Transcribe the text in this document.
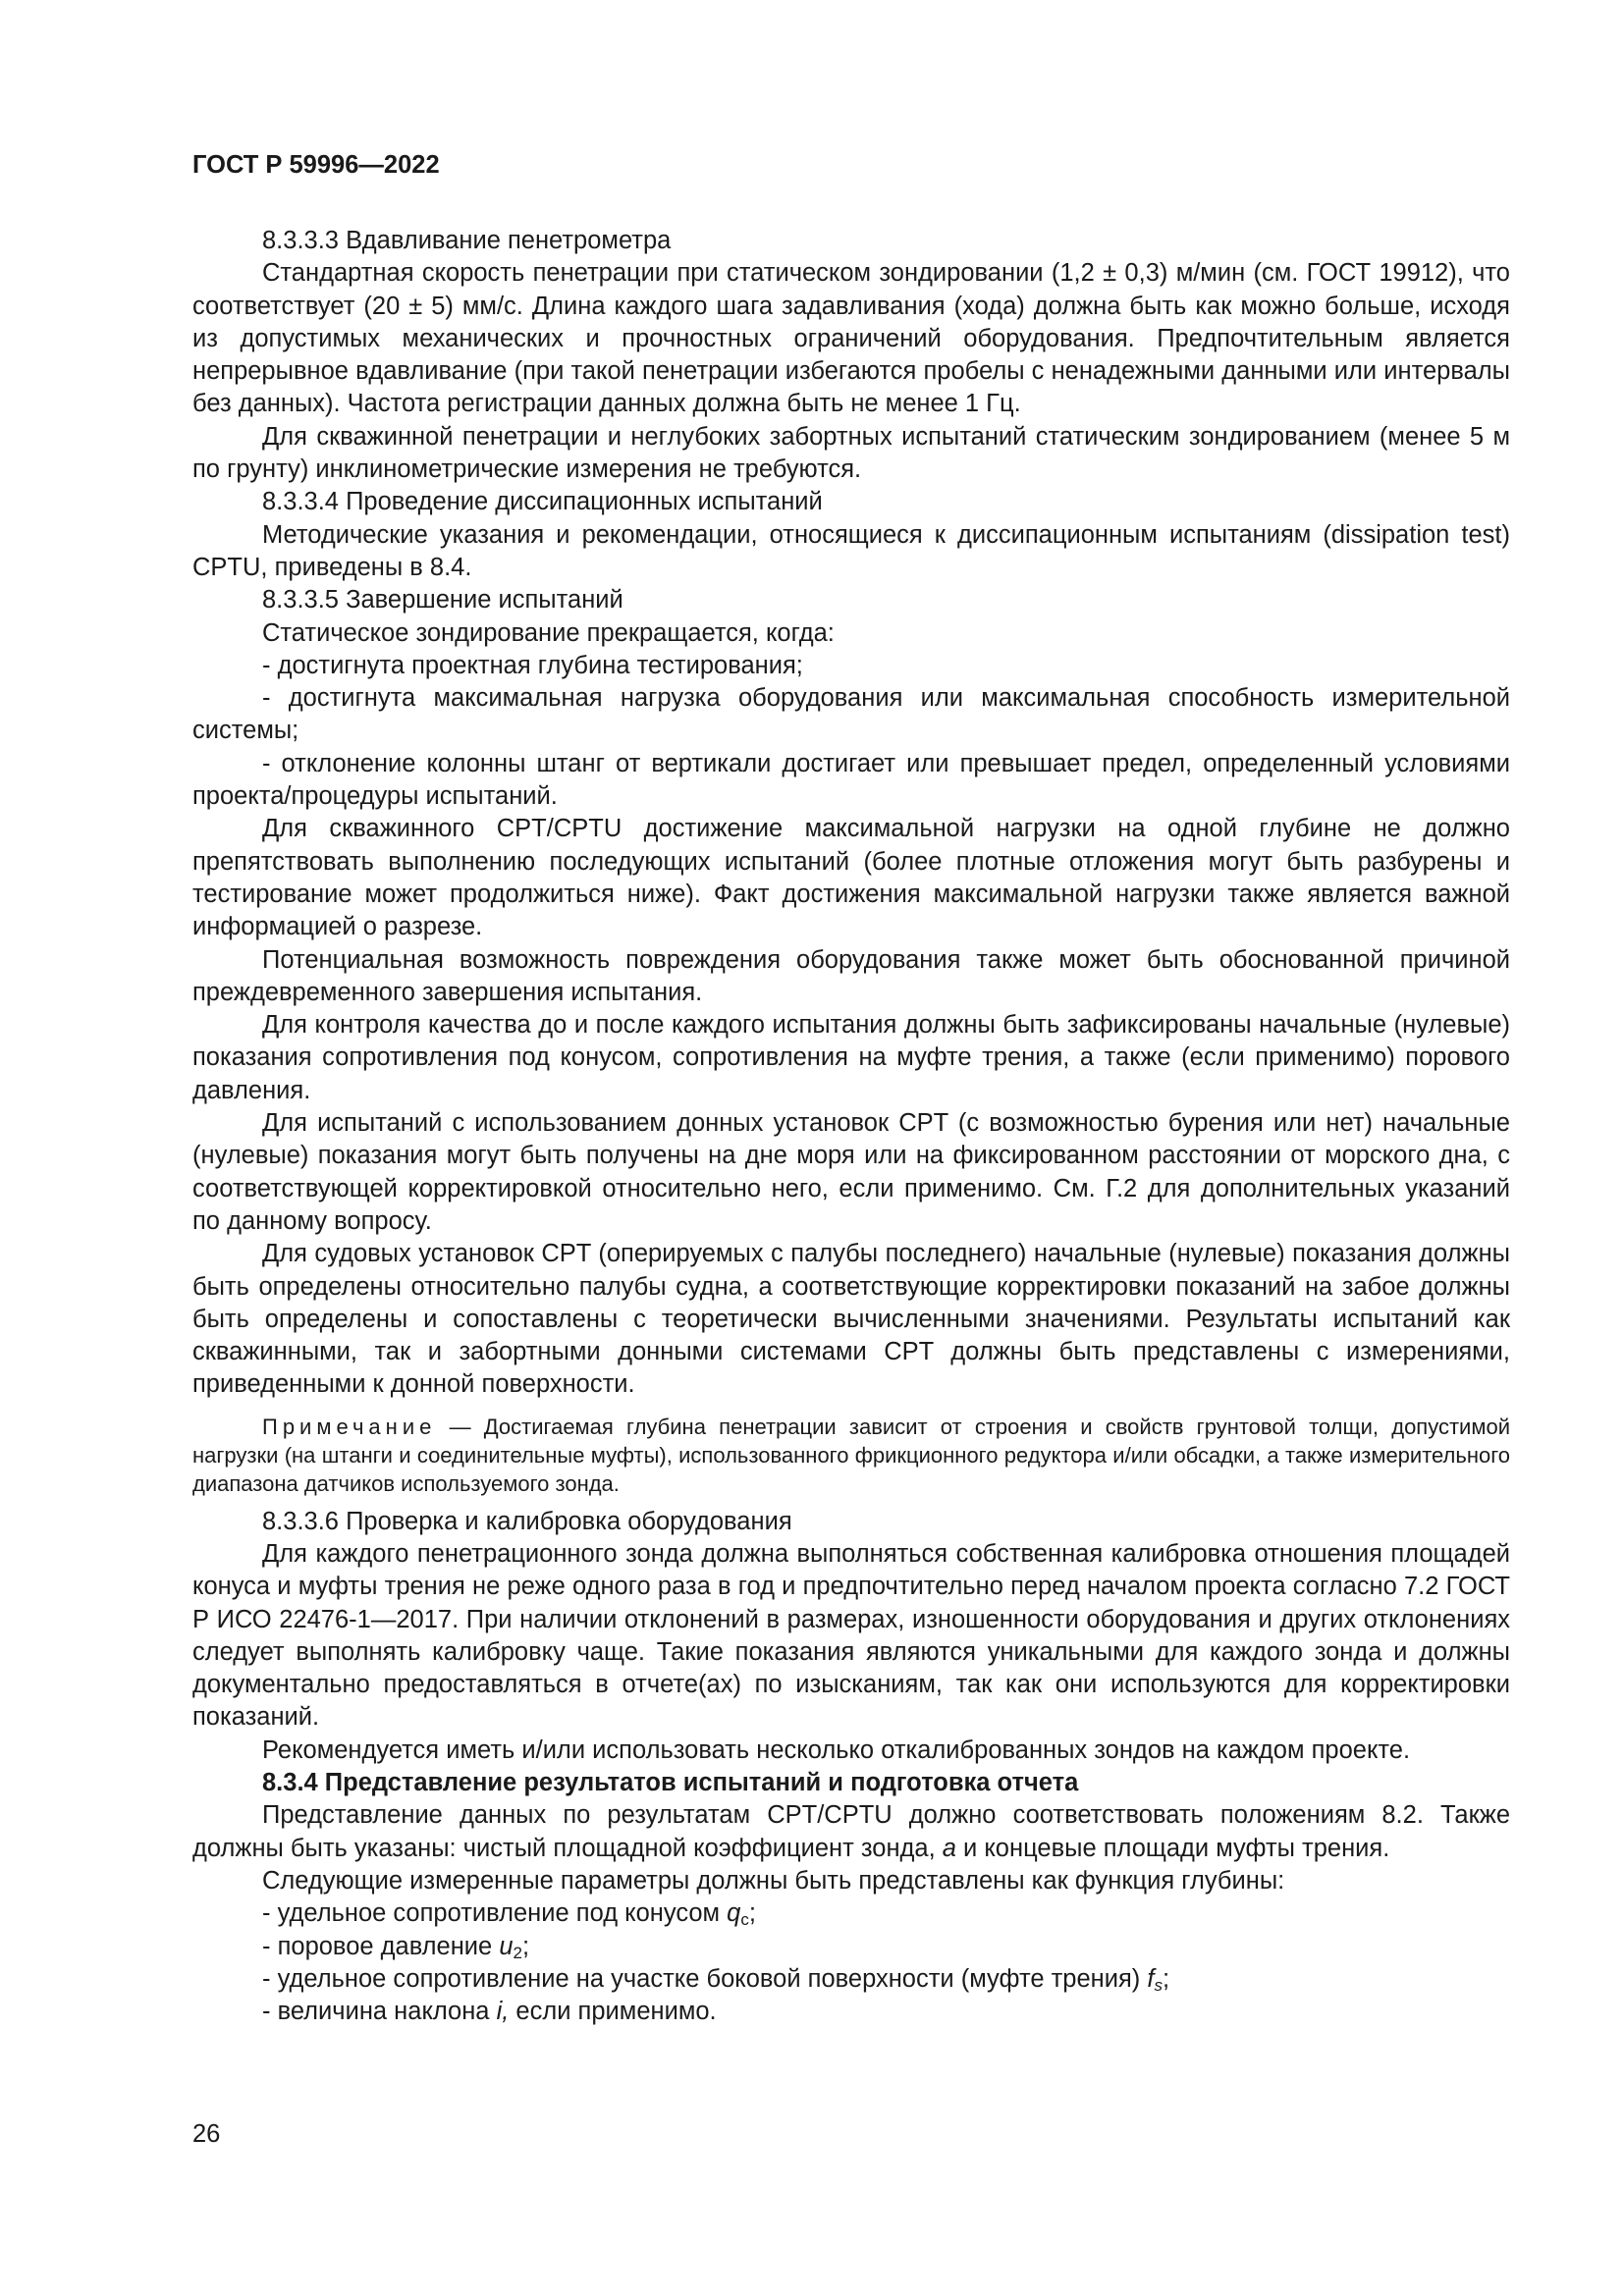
ГОСТ Р 59996—2022

8.3.3.3 Вдавливание пенетрометра

Стандартная скорость пенетрации при статическом зондировании (1,2 ± 0,3) м/мин (см. ГОСТ 19912), что соответствует (20 ± 5) мм/с. Длина каждого шага задавливания (хода) должна быть как можно больше, исходя из допустимых механических и прочностных ограничений оборудования. Предпочтительным является непрерывное вдавливание (при такой пенетрации избегаются пробелы с ненадежными данными или интервалы без данных). Частота регистрации данных должна быть не менее 1 Гц.

Для скважинной пенетрации и неглубоких забортных испытаний статическим зондированием (менее 5 м по грунту) инклинометрические измерения не требуются.

8.3.3.4 Проведение диссипационных испытаний

Методические указания и рекомендации, относящиеся к диссипационным испытаниям (dissipation test) CPTU, приведены в 8.4.

8.3.3.5 Завершение испытаний

Статическое зондирование прекращается, когда:

- достигнута проектная глубина тестирования;

- достигнута максимальная нагрузка оборудования или максимальная способность измерительной системы;

- отклонение колонны штанг от вертикали достигает или превышает предел, определенный условиями проекта/процедуры испытаний.

Для скважинного CPT/CPTU достижение максимальной нагрузки на одной глубине не должно препятствовать выполнению последующих испытаний (более плотные отложения могут быть разбурены и тестирование может продолжиться ниже). Факт достижения максимальной нагрузки также является важной информацией о разрезе.

Потенциальная возможность повреждения оборудования также может быть обоснованной причиной преждевременного завершения испытания.

Для контроля качества до и после каждого испытания должны быть зафиксированы начальные (нулевые) показания сопротивления под конусом, сопротивления на муфте трения, а также (если применимо) порового давления.

Для испытаний с использованием донных установок CPT (с возможностью бурения или нет) начальные (нулевые) показания могут быть получены на дне моря или на фиксированном расстоянии от морского дна, с соответствующей корректировкой относительно него, если применимо. См. Г.2 для дополнительных указаний по данному вопросу.

Для судовых установок CPT (оперируемых с палубы последнего) начальные (нулевые) показания должны быть определены относительно палубы судна, а соответствующие корректировки показаний на забое должны быть определены и сопоставлены с теоретически вычисленными значениями. Результаты испытаний как скважинными, так и забортными донными системами CPT должны быть представлены с измерениями, приведенными к донной поверхности.

Примечание — Достигаемая глубина пенетрации зависит от строения и свойств грунтовой толщи, допустимой нагрузки (на штанги и соединительные муфты), использованного фрикционного редуктора и/или обсадки, а также измерительного диапазона датчиков используемого зонда.

8.3.3.6 Проверка и калибровка оборудования

Для каждого пенетрационного зонда должна выполняться собственная калибровка отношения площадей конуса и муфты трения не реже одного раза в год и предпочтительно перед началом проекта согласно 7.2 ГОСТ Р ИСО 22476-1—2017. При наличии отклонений в размерах, изношенности оборудования и других отклонениях следует выполнять калибровку чаще. Такие показания являются уникальными для каждого зонда и должны документально предоставляться в отчете(ах) по изысканиям, так как они используются для корректировки показаний.

Рекомендуется иметь и/или использовать несколько откалиброванных зондов на каждом проекте.

8.3.4 Представление результатов испытаний и подготовка отчета

Представление данных по результатам CPT/CPTU должно соответствовать положениям 8.2. Также должны быть указаны: чистый площадной коэффициент зонда, a и концевые площади муфты трения.

Следующие измеренные параметры должны быть представлены как функция глубины:

- удельное сопротивление под конусом $q_c$;

- поровое давление $u_2$;

- удельное сопротивление на участке боковой поверхности (муфте трения) $f_s$;

- величина наклона i, если применимо.

26
